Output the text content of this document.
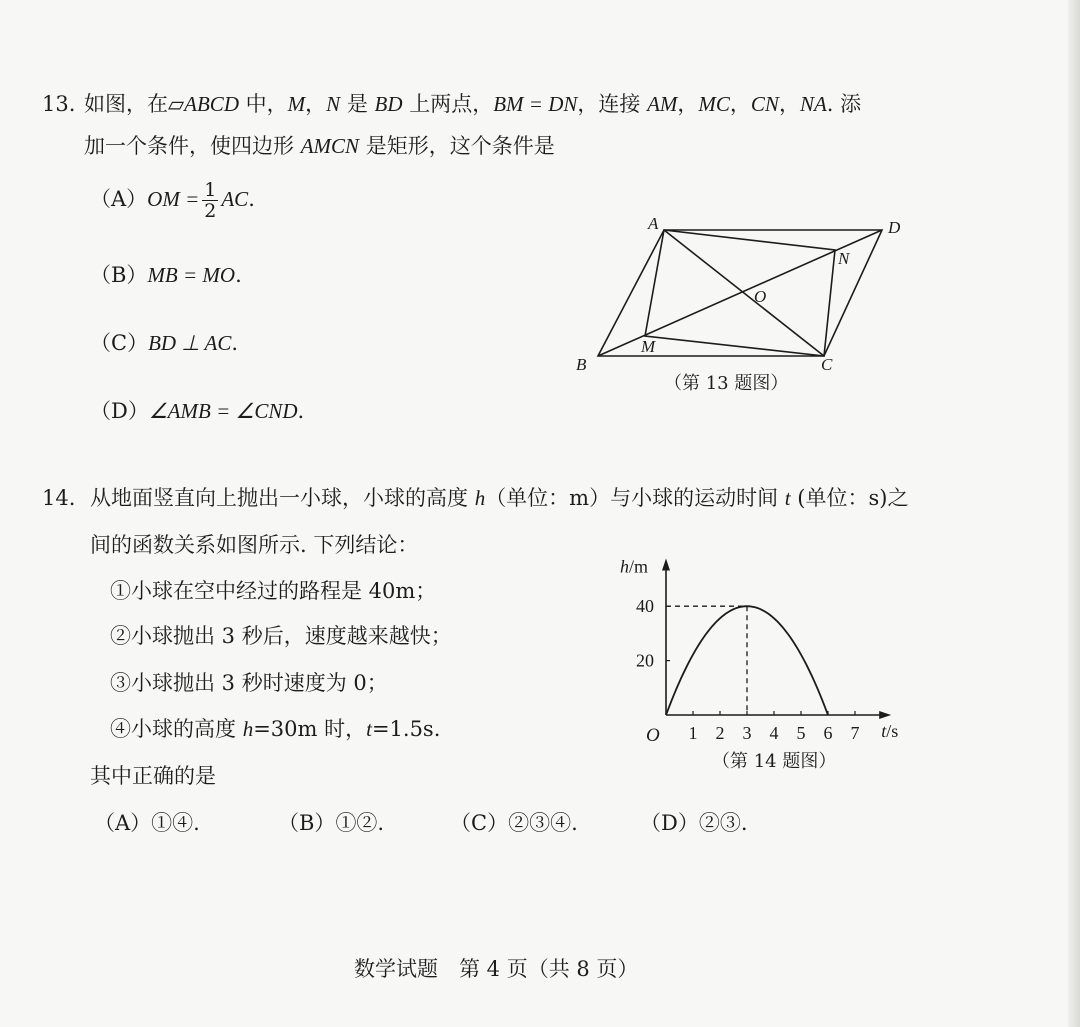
13. 如图，在▱ABCD 中，M，N 是 BD 上两点，BM = DN，连接 AM，MC，CN，NA. 添
加一个条件，使四边形 AMCN 是矩形，这个条件是
$(A)OM = \frac{1}{2}$ AC.
（B）MB = MO.
（C）BD ⊥ AC.
（D）∠AMB = ∠CND.
A	D
B	C
M
N
O
（第 13 题图）
14. 从地面竖直向上抛出一小球，小球的高度 h（单位：m）与小球的运动时间 t (单位：s)之
间的函数关系如图所示. 下列结论：
①小球在空中经过的路程是 40m；
②小球抛出 3 秒后，速度越来越快；
③小球抛出 3 秒时速度为 0；
④小球的高度 h=30m 时，t=1.5s.
其中正确的是
（A）①④.	（B）①②.	（C）②③④.	（D）②③.
1 2 3 4 5 6 7
20
40
O
h/m
t/s
（第 14 题图）
数学试题　第 4 页（共 8 页）
